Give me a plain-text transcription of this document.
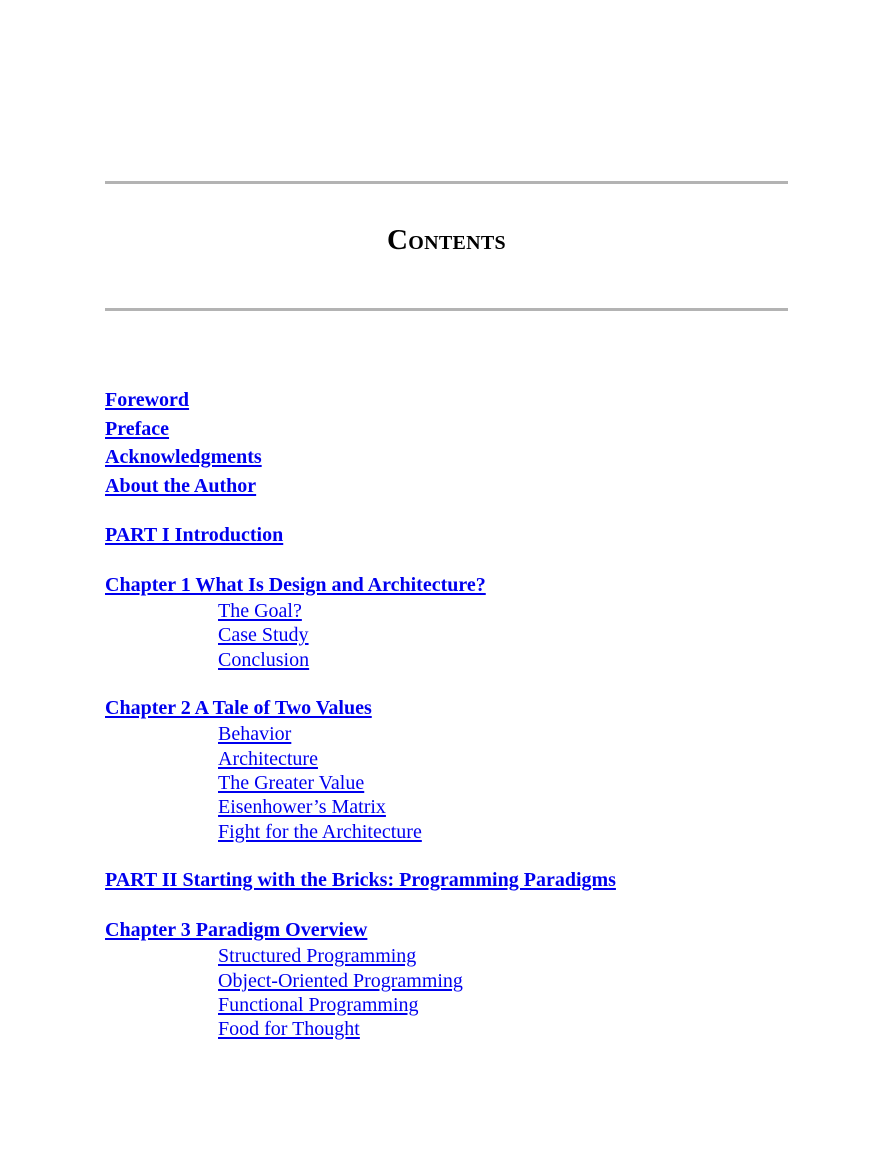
Contents
Foreword
Preface
Acknowledgments
About the Author
PART I Introduction
Chapter 1 What Is Design and Architecture?
The Goal?
Case Study
Conclusion
Chapter 2 A Tale of Two Values
Behavior
Architecture
The Greater Value
Eisenhower’s Matrix
Fight for the Architecture
PART II Starting with the Bricks: Programming Paradigms
Chapter 3 Paradigm Overview
Structured Programming
Object-Oriented Programming
Functional Programming
Food for Thought
